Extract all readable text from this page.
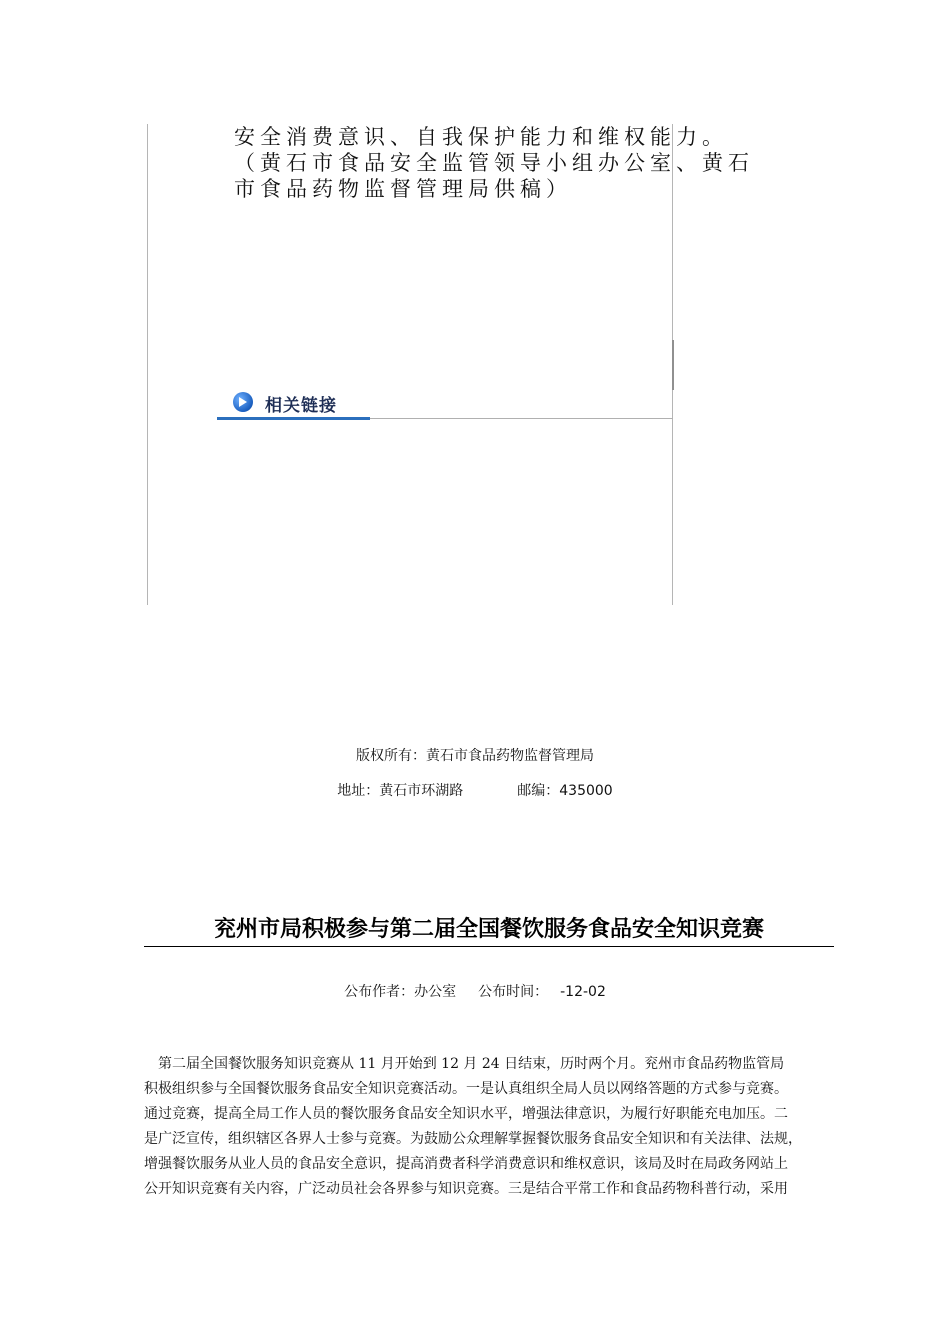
安全消费意识、自我保护能力和维权能力。
（黄石市食品安全监管领导小组办公室、黄石
市食品药物监督管理局供稿）
相关链接
版权所有：黄石市食品药物监督管理局
地址：黄石市环湖路	邮编：435000
兖州市局积极参与第二届全国餐饮服务食品安全知识竞赛
公布作者：办公室 公布时间： -12-02
　第二届全国餐饮服务知识竞赛从 11 月开始到 12 月 24 日结束，历时两个月。兖州市食品药物监管局
积极组织参与全国餐饮服务食品安全知识竞赛活动。一是认真组织全局人员以网络答题的方式参与竞赛。
通过竞赛，提高全局工作人员的餐饮服务食品安全知识水平，增强法律意识，为履行好职能充电加压。二
是广泛宣传，组织辖区各界人士参与竞赛。为鼓励公众理解掌握餐饮服务食品安全知识和有关法律、法规，
增强餐饮服务从业人员的食品安全意识，提高消费者科学消费意识和维权意识，该局及时在局政务网站上
公开知识竞赛有关内容，广泛动员社会各界参与知识竞赛。三是结合平常工作和食品药物科普行动，采用
